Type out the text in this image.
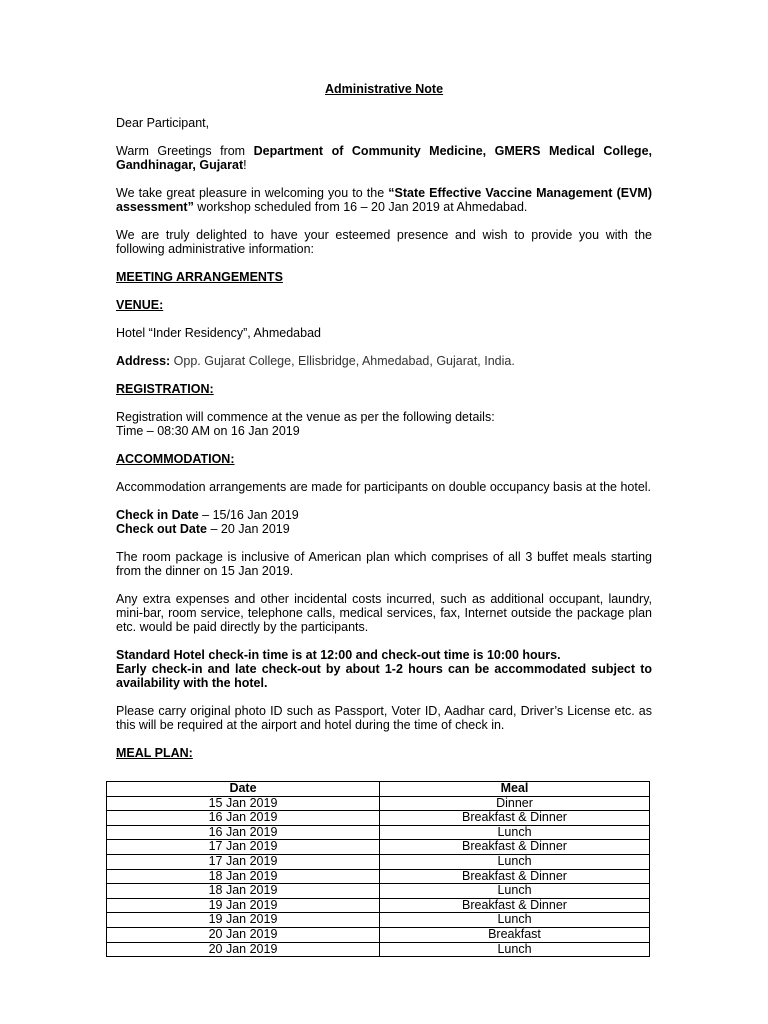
Administrative Note

Dear Participant,

Warm Greetings from Department of Community Medicine, GMERS Medical College, Gandhinagar, Gujarat!

We take great pleasure in welcoming you to the “State Effective Vaccine Management (EVM) assessment” workshop scheduled from 16 – 20 Jan 2019 at Ahmedabad.

We are truly delighted to have your esteemed presence and wish to provide you with the following administrative information:

MEETING ARRANGEMENTS
VENUE:

Hotel “Inder Residency”, Ahmedabad

Address: Opp. Gujarat College, Ellisbridge, Ahmedabad, Gujarat, India.

REGISTRATION:

Registration will commence at the venue as per the following details:

Time – 08:30 AM on 16 Jan 2019

ACCOMMODATION:

Accommodation arrangements are made for participants on double occupancy basis at the hotel.

Check in Date – 15/16 Jan 2019

Check out Date – 20 Jan 2019

The room package is inclusive of American plan which comprises of all 3 buffet meals starting from the dinner on 15 Jan 2019.

Any extra expenses and other incidental costs incurred, such as additional occupant, laundry, mini-bar, room service, telephone calls, medical services, fax, Internet outside the package plan etc. would be paid directly by the participants.

Standard Hotel check-in time is at 12:00 and check-out time is 10:00 hours.

Early check-in and late check-out by about 1-2 hours can be accommodated subject to availability with the hotel.

Please carry original photo ID such as Passport, Voter ID, Aadhar card, Driver’s License etc. as this will be required at the airport and hotel during the time of check in.

MEAL PLAN:
Date	Meal
15 Jan 2019	Dinner
16 Jan 2019	Breakfast & Dinner
16 Jan 2019	Lunch
17 Jan 2019	Breakfast & Dinner
17 Jan 2019	Lunch
18 Jan 2019	Breakfast & Dinner
18 Jan 2019	Lunch
19 Jan 2019	Breakfast & Dinner
19 Jan 2019	Lunch
20 Jan 2019	Breakfast
20 Jan 2019	Lunch
